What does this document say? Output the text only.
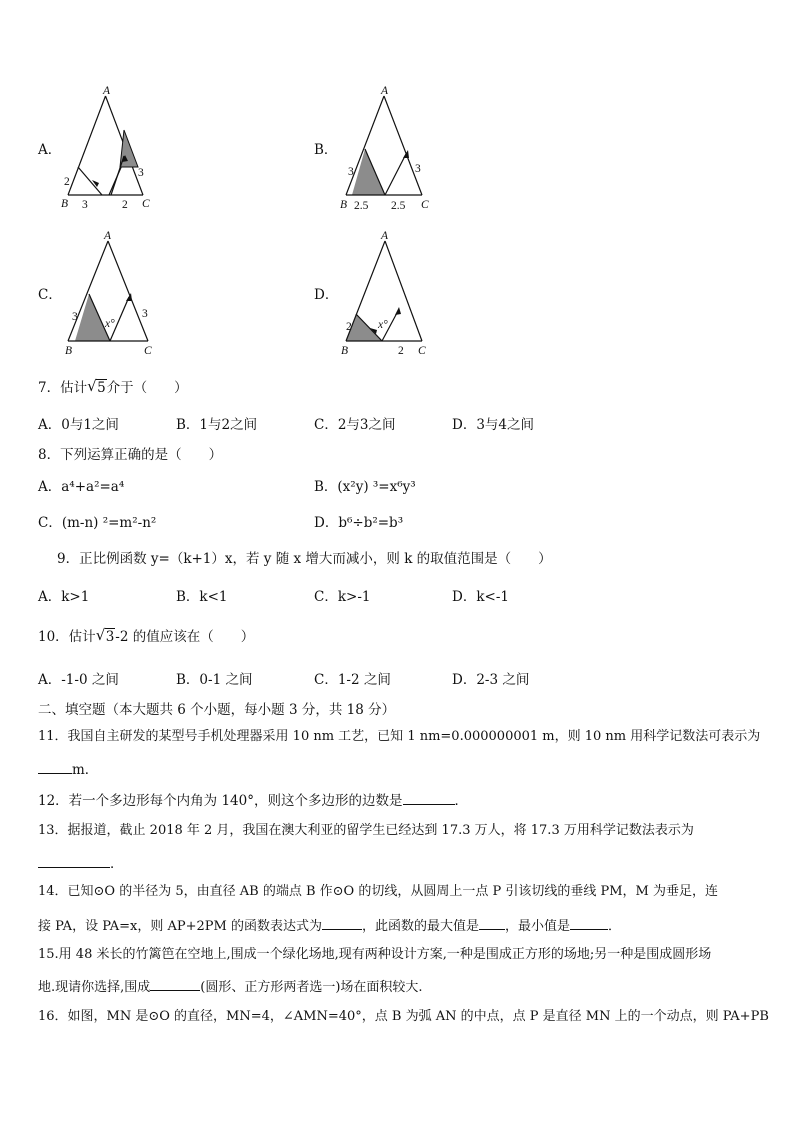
A．
A
B	C
2
3
3	2
B．
A
B	C
3	3
2.5 2.5
C．
A
B	C
3	3
x°
D．
A
B	C
2
2
x°
7．估计 √ 5介于（　　）
A．0与1之间	B．1与2之间	C．2与3之间	D．3与4之间
8．下列运算正确的是（　　）
A．a⁴+a²=a⁴	B．(x²y) ³=x⁶y³
C．(m-n) ²=m²-n²	D．b⁶÷b²=b³
9．正比例函数 y=（k+1）x，若 y 随 x 增大而减小，则 k 的取值范围是（　　）
A．k>1	B．k<1	C．k>-1	D．k<-1
10．估计 √ 3-2 的值应该在（　　）
A．-1-0 之间	B．0-1 之间	C．1-2 之间	D．2-3 之间
二、填空题（本大题共 6 个小题，每小题 3 分，共 18 分）
11．我国自主研发的某型号手机处理器采用 10 nm 工艺，已知 1 nm=0.000000001 m，则 10 nm 用科学记数法可表示为
m．
12．若一个多边形每个内角为 140°，则这个多边形的边数是	．
13．据报道，截止 2018 年 2 月，我国在澳大利亚的留学生已经达到 17.3 万人，将 17.3 万用科学记数法表示为
．
14．已知⊙O 的半径为 5，由直径 AB 的端点 B 作⊙O 的切线，从圆周上一点 P 引该切线的垂线 PM，M 为垂足，连
接 PA，设 PA=x，则 AP+2PM 的函数表达式为	，此函数的最大值是 ，最小值是	．
15.用 48 米长的竹篱笆在空地上,围成一个绿化场地,现有两种设计方案,一种是围成正方形的场地;另一种是围成圆形场
地.现请你选择,围成	(圆形、正方形两者选一)场在面积较大.
16．如图，MN 是⊙O 的直径，MN=4，∠AMN=40°，点 B 为弧 AN 的中点，点 P 是直径 MN 上的一个动点，则 PA+PB
